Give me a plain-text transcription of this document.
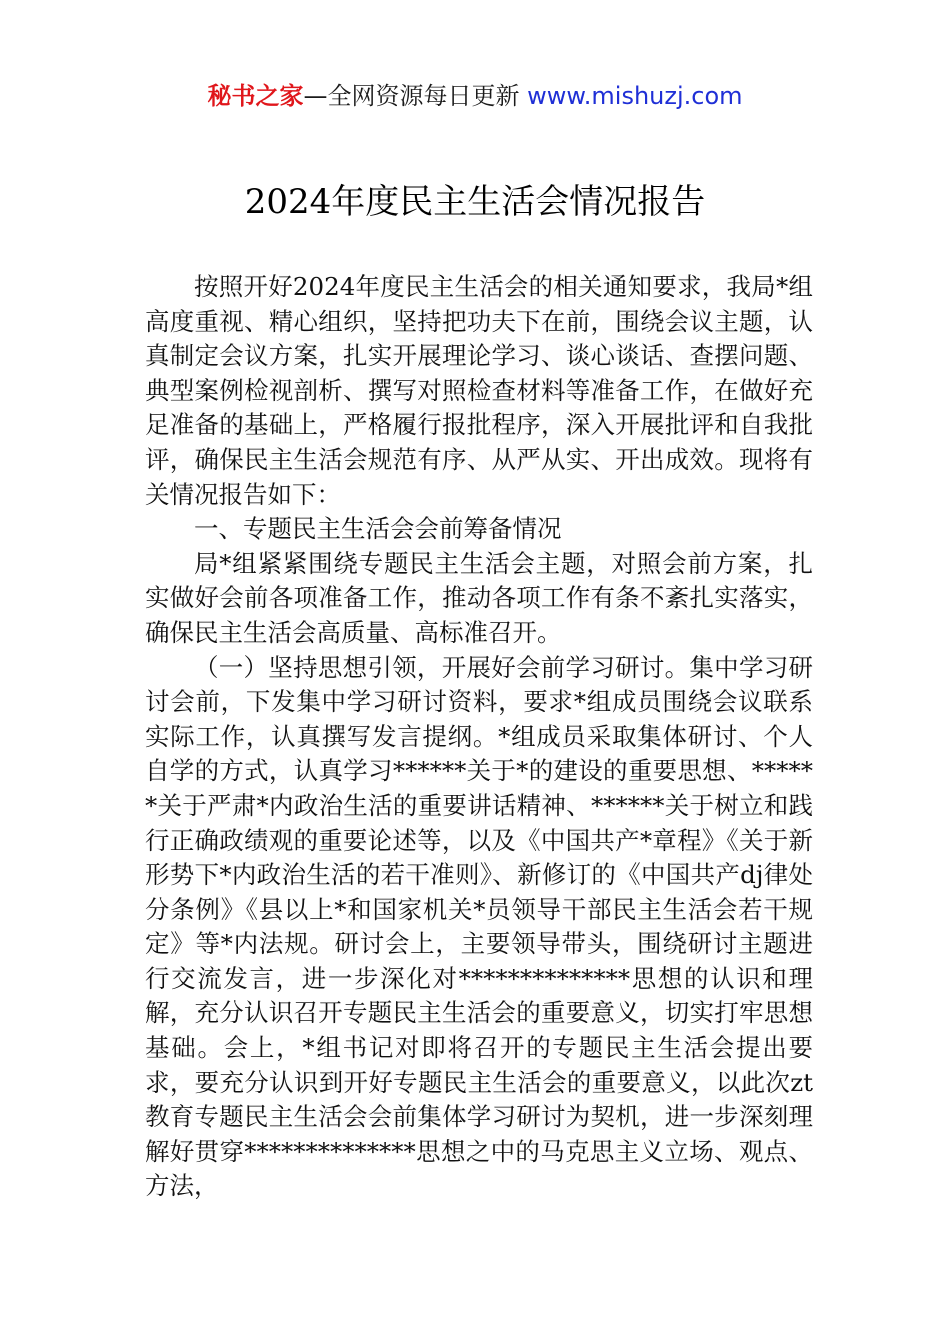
秘书之家—全网资源每日更新 www.mishuzj.com
2024年度民主生活会情况报告

按照开好2024年度民主生活会的相关通知要求，我局*组高度重视、精心组织，坚持把功夫下在前，围绕会议主题，认真制定会议方案，扎实开展理论学习、谈心谈话、查摆问题、典型案例检视剖析、撰写对照检查材料等准备工作，在做好充足准备的基础上，严格履行报批程序，深入开展批评和自我批评，确保民主生活会规范有序、从严从实、开出成效。现将有关情况报告如下：

一、专题民主生活会会前筹备情况

局*组紧紧围绕专题民主生活会主题，对照会前方案，扎实做好会前各项准备工作，推动各项工作有条不紊扎实落实，确保民主生活会高质量、高标准召开。

（一）坚持思想引领，开展好会前学习研讨。集中学习研讨会前，下发集中学习研讨资料，要求*组成员围绕会议联系实际工作，认真撰写发言提纲。*组成员采取集体研讨、个人自学的方式，认真学习******关于*的建设的重要思想、******关于严肃*内政治生活的重要讲话精神、******关于树立和践行正确政绩观的重要论述等，以及《中国共产*章程》《关于新形势下*内政治生活的若干准则》、新修订的《中国共产dj律处分条例》《县以上*和国家机关*员领导干部民主生活会若干规定》等*内法规。研讨会上，主要领导带头，围绕研讨主题进行交流发言，进一步深化对**************思想的认识和理解，充分认识召开专题民主生活会的重要意义，切实打牢思想基础。会上，*组书记对即将召开的专题民主生活会提出要求，要充分认识到开好专题民主生活会的重要意义，以此次zt教育专题民主生活会会前集体学习研讨为契机，进一步深刻理解好贯穿**************思想之中的马克思主义立场、观点、方法，
